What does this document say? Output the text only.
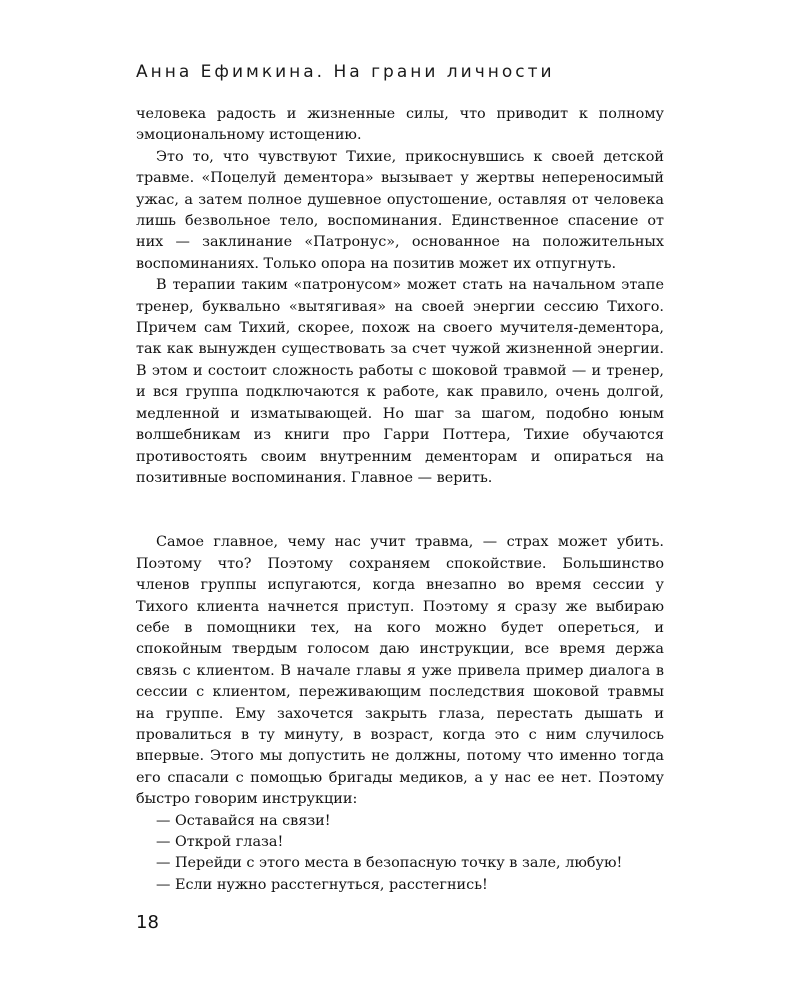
Анна Ефимкина. На грани личности

человека радость и жизненные силы, что приводит к полному эмоциональному истощению.

Это то, что чувствуют Тихие, прикоснувшись к своей детской травме. «Поцелуй дементора» вызывает у жертвы непереносимый ужас, а затем полное душевное опустошение, оставляя от человека лишь безвольное тело, воспоминания. Единственное спасение от них — заклинание «Патронус», основанное на положительных воспоминаниях. Только опора на позитив может их отпугнуть.

В терапии таким «патронусом» может стать на начальном этапе тренер, буквально «вытягивая» на своей энергии сессию Тихого. Причем сам Тихий, скорее, похож на своего мучителя-дементора, так как вынужден существовать за счет чужой жизненной энергии. В этом и состоит сложность работы с шоковой травмой — и тренер, и вся группа подключаются к работе, как правило, очень долгой, медленной и изматывающей. Но шаг за шагом, подобно юным волшебникам из книги про Гарри Поттера, Тихие обучаются противостоять своим внутренним дементорам и опираться на позитивные воспоминания. Главное — верить.

Самое главное, чему нас учит травма, — страх может убить. Поэтому что? Поэтому сохраняем спокойствие. Большинство членов группы испугаются, когда внезапно во время сессии у Тихого клиента начнется приступ. Поэтому я сразу же выбираю себе в помощники тех, на кого можно будет опереться, и спокойным твердым голосом даю инструкции, все время держа связь с клиентом. В начале главы я уже привела пример диалога в сессии с клиентом, переживающим последствия шоковой травмы на группе. Ему захочется закрыть глаза, перестать дышать и провалиться в ту минуту, в возраст, когда это с ним случилось впервые. Этого мы допустить не должны, потому что именно тогда его спасали с помощью бригады медиков, а у нас ее нет. Поэтому быстро говорим инструкции:

— Оставайся на связи!

— Открой глаза!

— Перейди с этого места в безопасную точку в зале, любую!

— Если нужно расстегнуться, расстегнись!

18
